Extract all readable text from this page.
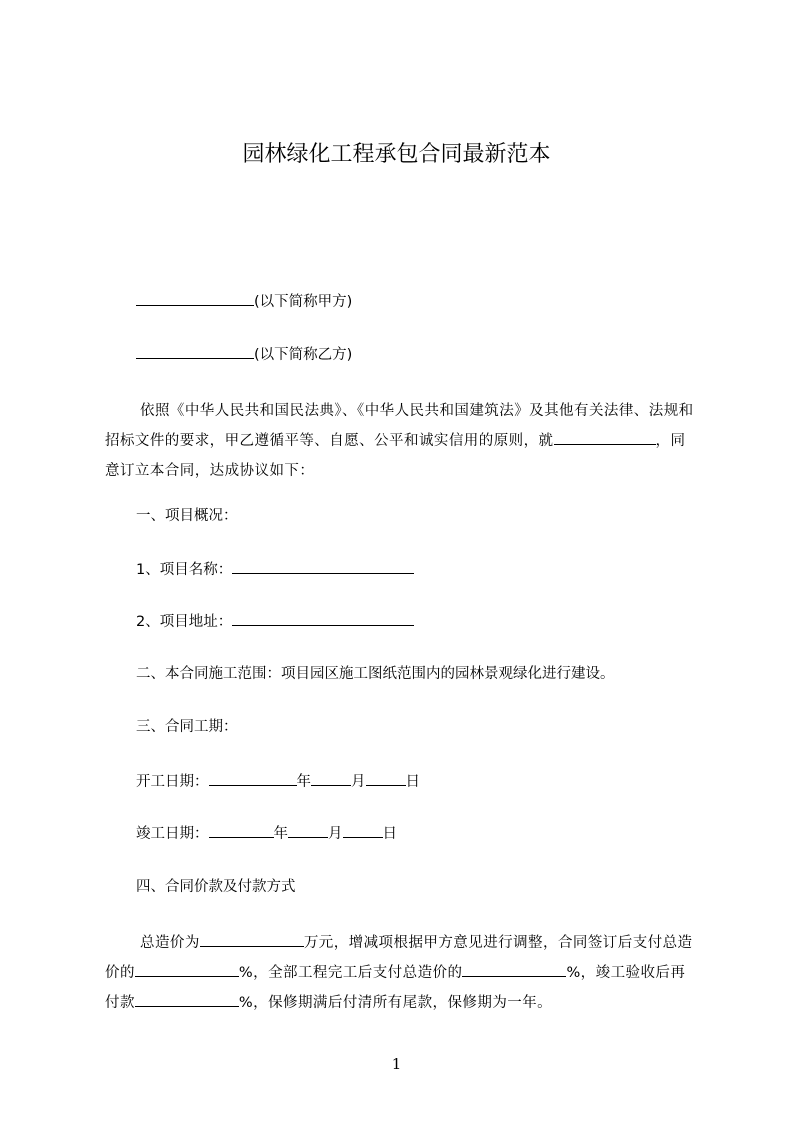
园林绿化工程承包合同最新范本
(以下简称甲方)
(以下简称乙方)
依照《中华人民共和国民法典》、《中华人民共和国建筑法》及其他有关法律、法规和招标文件的要求，甲乙遵循平等、自愿、公平和诚实信用的原则，就	，同意订立本合同，达成协议如下：
一、项目概况：
1、项目名称：
2、项目地址：
二、本合同施工范围：项目园区施工图纸范围内的园林景观绿化进行建设。
三、合同工期：
开工日期：	年	月	日
竣工日期：	年	月	日
四、合同价款及付款方式
总造价为	万元，增减项根据甲方意见进行调整，合同签订后支付总造价的	%，全部工程完工后支付总造价的	%，竣工验收后再付款	%，保修期满后付清所有尾款，保修期为一年。
1
